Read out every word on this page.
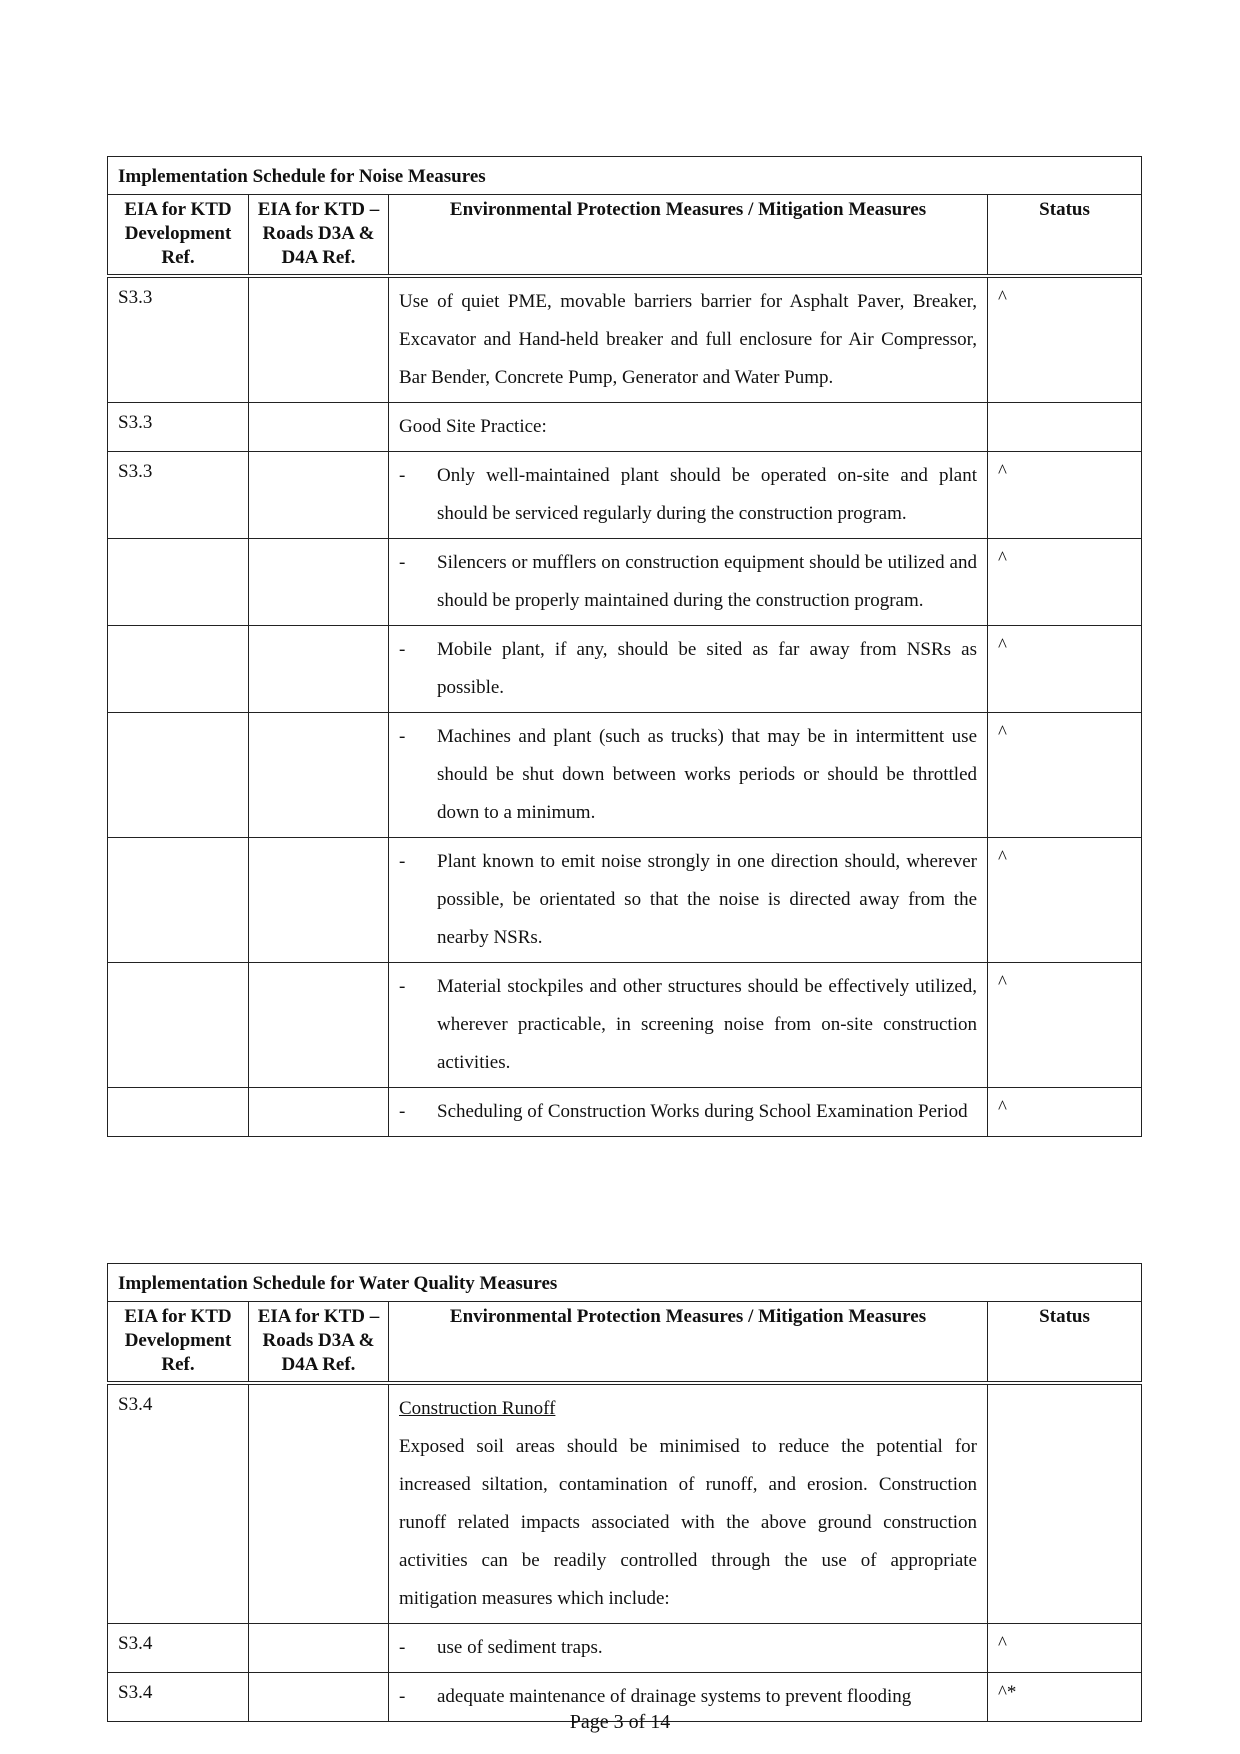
Implementation Schedule for Noise Measures			
EIA for KTD Development Ref.	EIA for KTD – Roads D3A & D4A Ref.	Environmental Protection Measures / Mitigation Measures	Status
S3.3		Use of quiet PME, movable barriers barrier for Asphalt Paver, Breaker, Excavator and Hand-held breaker and full enclosure for Air Compressor, Bar Bender, Concrete Pump, Generator and Water Pump.	^
S3.3		Good Site Practice:	
S3.3		- Only well-maintained plant should be operated on-site and plant should be serviced regularly during the construction program.	^

		- Silencers or mufflers on construction equipment should be utilized and should be properly maintained during the construction program.	^

		- Mobile plant, if any, should be sited as far away from NSRs as possible.	^

		- Machines and plant (such as trucks) that may be in intermittent use should be shut down between works periods or should be throttled down to a minimum.	^

		- Plant known to emit noise strongly in one direction should, wherever possible, be orientated so that the noise is directed away from the nearby NSRs.	^

		- Material stockpiles and other structures should be effectively utilized, wherever practicable, in screening noise from on-site construction activities.	^

		- Scheduling of Construction Works during School Examination Period	^
Implementation Schedule for Water Quality Measures			
EIA for KTD Development Ref.	EIA for KTD – Roads D3A & D4A Ref.	Environmental Protection Measures / Mitigation Measures	Status
S3.4		Construction Runoff
Exposed soil areas should be minimised to reduce the potential for increased siltation, contamination of runoff, and erosion. Construction runoff related impacts associated with the above ground construction activities can be readily controlled through the use of appropriate mitigation measures which include:	

S3.4		- use of sediment traps.	^
S3.4		- adequate maintenance of drainage systems to prevent flooding	^*
Page 3 of 14
